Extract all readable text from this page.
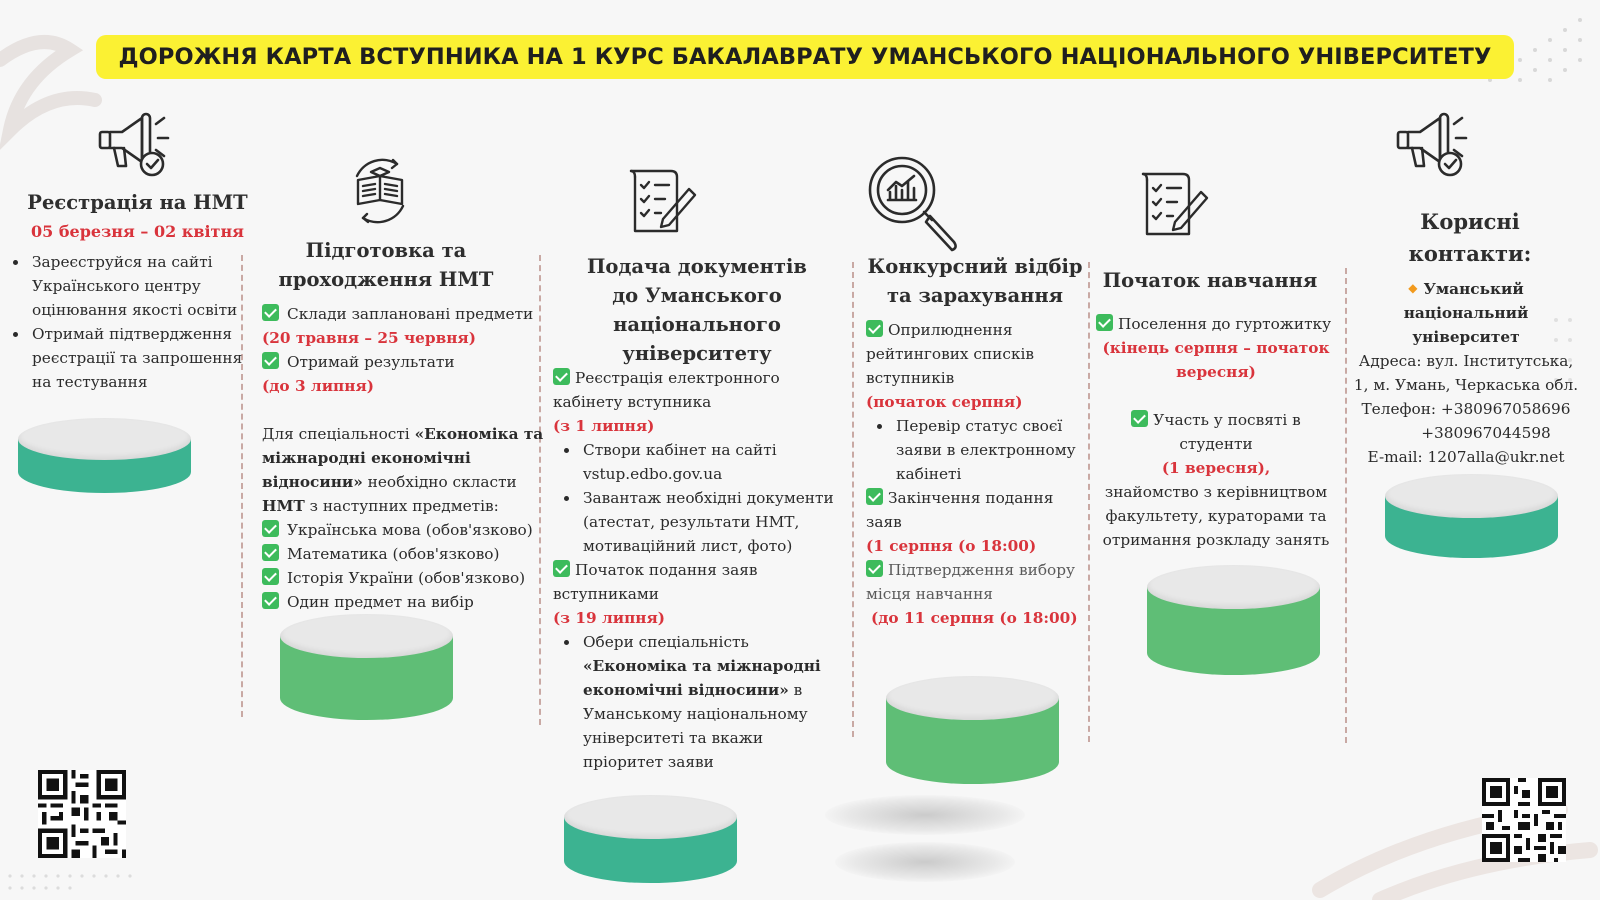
ДОРОЖНЯ КАРТА ВСТУПНИКА НА 1 КУРС БАКАЛАВРАТУ УМАНСЬКОГО НАЦІОНАЛЬНОГО УНІВЕРСИТЕТУ
Реєстрація на НМТ
05 березня – 02 квітня
Зареєструйся на сайті Українського центру оцінювання якості освіти
Отримай підтвердження реєстрації та запрошення на тестування
Підготовка та
проходження НМТ

Склади заплановані предмети

(20 травня – 25 червня)

Отримай результати

(до 3 липня)

Для спеціальності «Економіка та міжнародні економічні відносини» необхідно скласти НМТ з наступних предметів:

Українська мова (обов'язково)

Математика (обов'язково)

Історія України (обов'язково)

Один предмет на вибір

Подача документів
до Уманського
національного
університету

Реєстрація електронного кабінету вступника

(з 1 липня)

Створи кабінет на сайті vstup.edbo.gov.ua
Завантаж необхідні документи (атестат, результати НМТ, мотиваційний лист, фото)

Початок подання заяв вступниками

(з 19 липня)

Обери спеціальність «Економіка та міжнародні економічні відносини» в Уманському національному університеті та вкажи пріоритет заяви
Конкурсний відбір
та зарахування

Оприлюднення рейтингових списків вступників

(початок серпня)

Перевір статус своєї заяви в електронному кабінеті

Закінчення подання заяв

(1 серпня (о 18:00)

Підтвердження вибору місця навчання

(до 11 серпня (о 18:00)

Початок навчання

Поселення до гуртожитку

(кінець серпня – початок вересня)

Участь у посвяті в студенти

(1 вересня),

знайомство з керівництвом факультету, кураторами та отримання розкладу занять

Корисні
контакти:

◆ Уманський національний університет

Адреса: вул. Інститутська, 1, м. Умань, Черкаська обл.

Телефон: +380967058696

+380967044598

E-mail: 1207alla@ukr.net
